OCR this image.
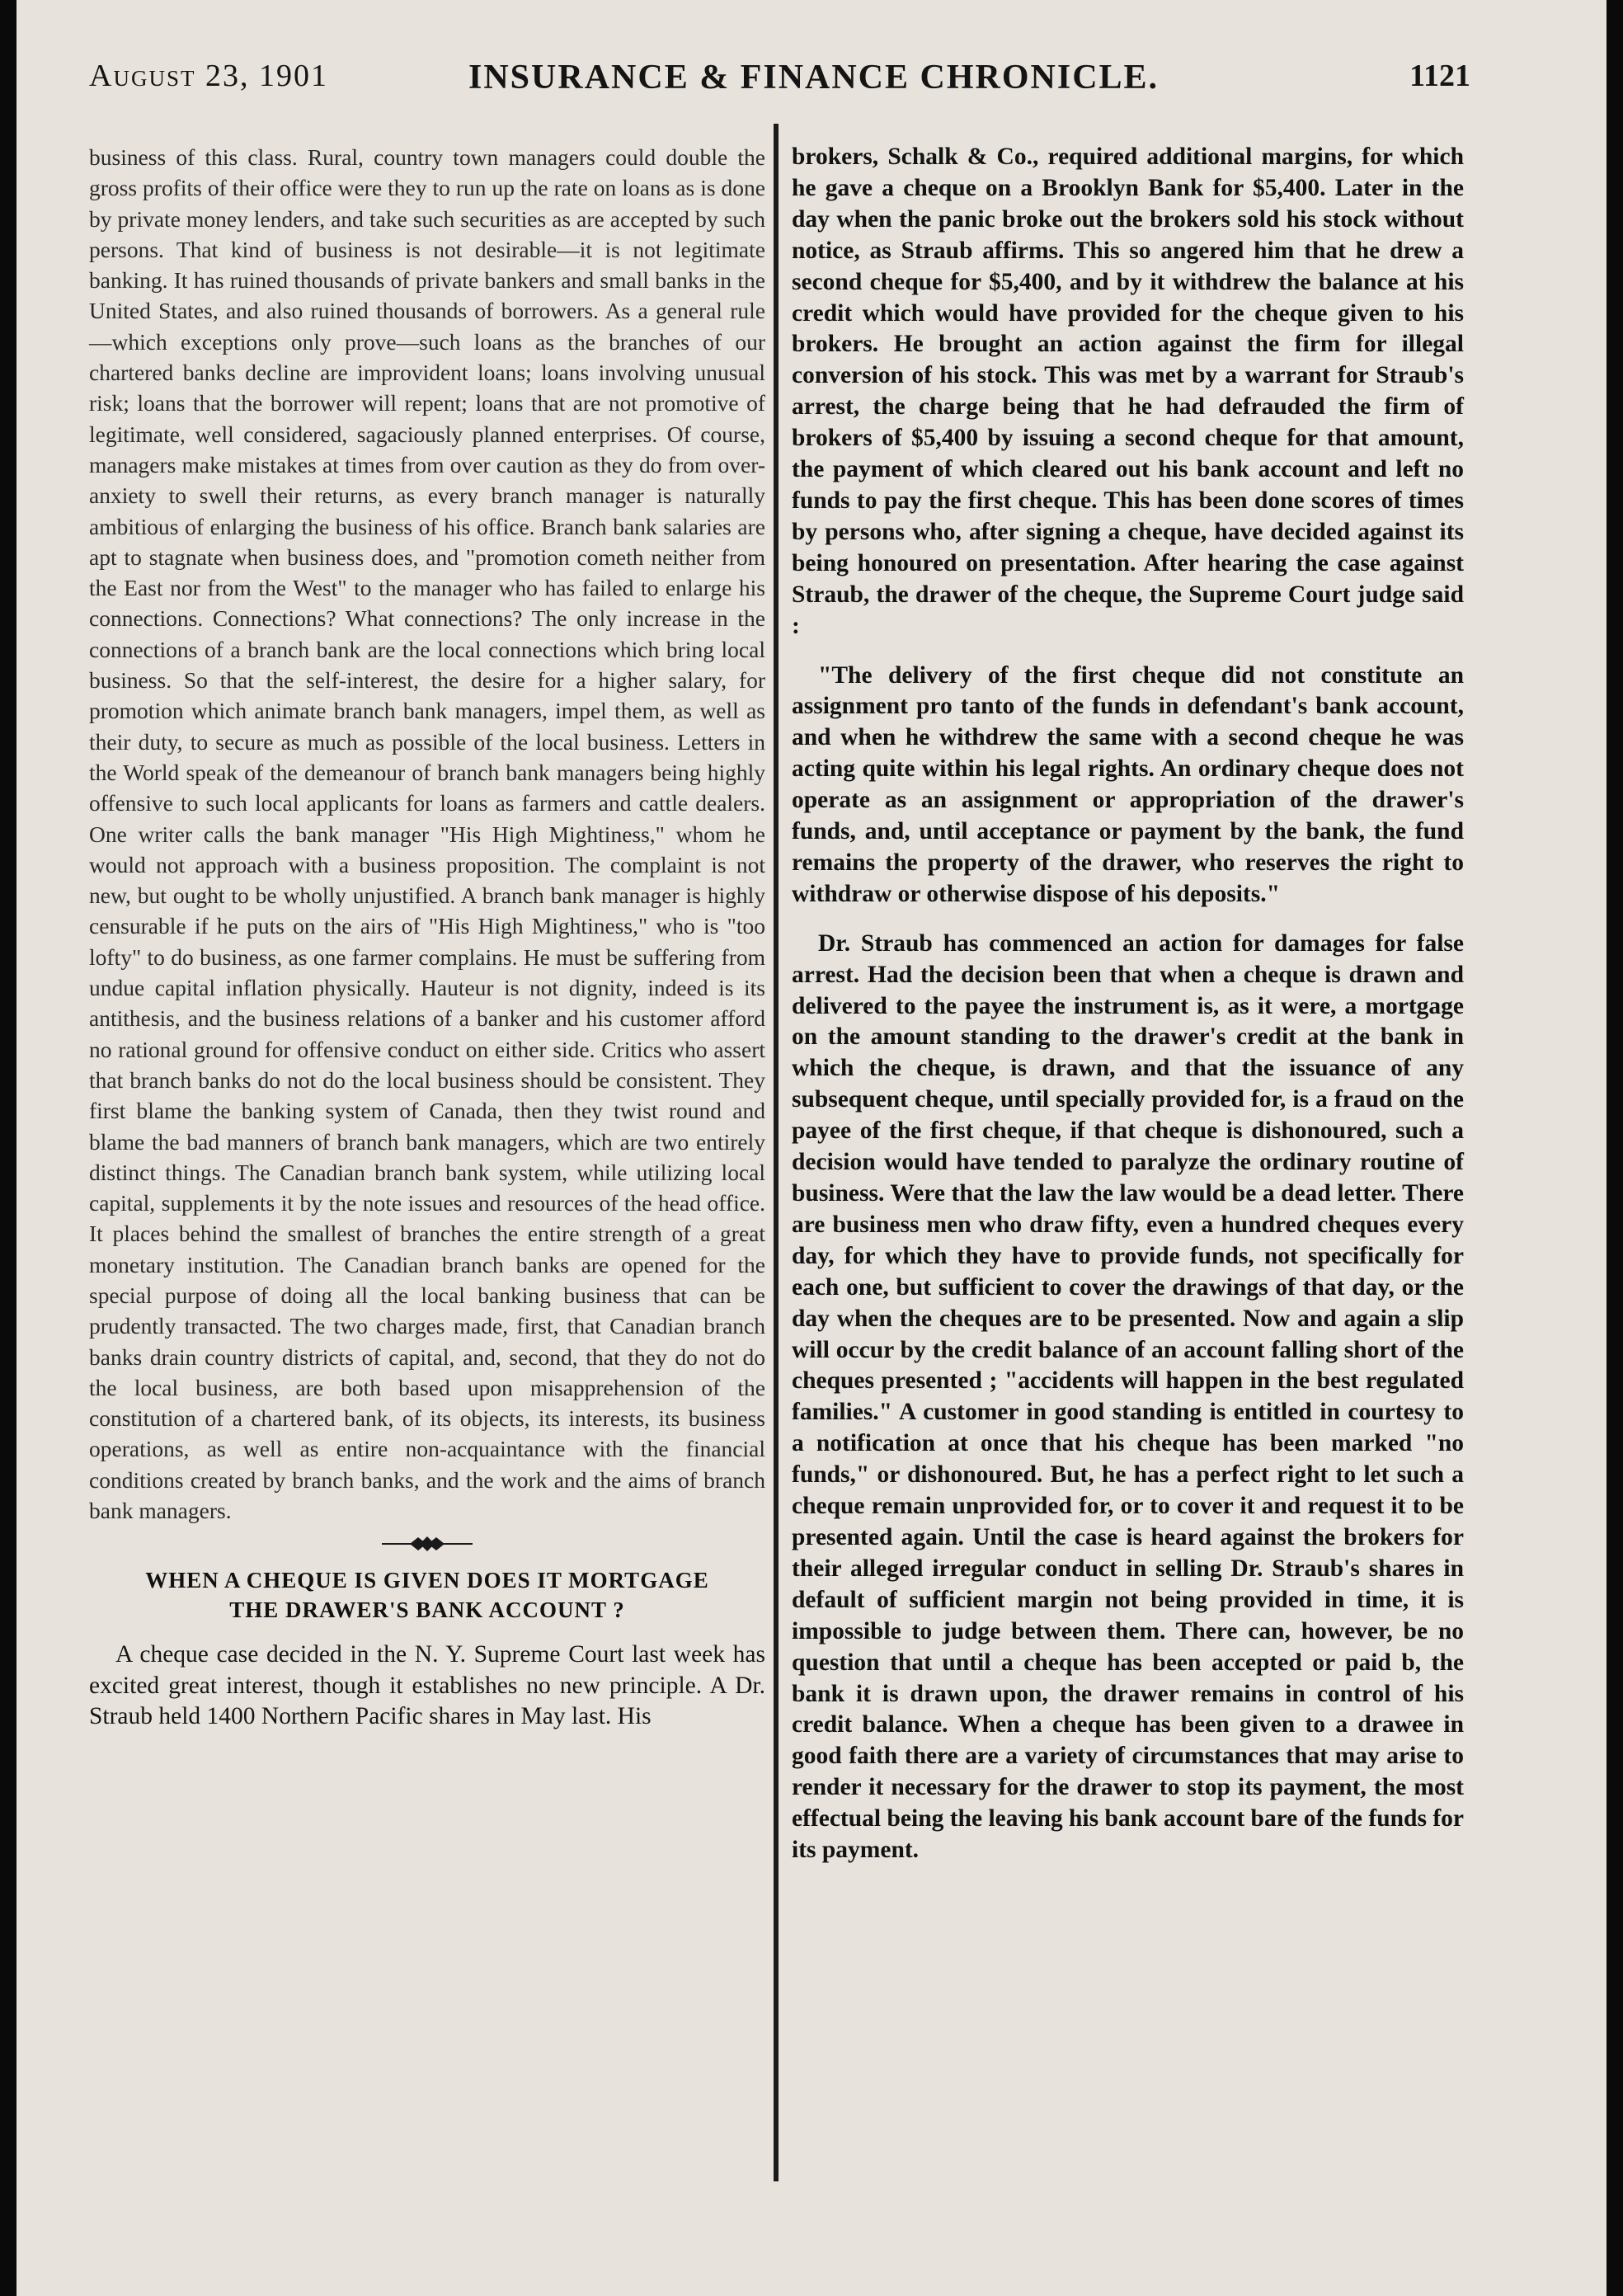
August 23, 1901	INSURANCE & FINANCE CHRONICLE.	1121

business of this class. Rural, country town managers could double the gross profits of their office were they to run up the rate on loans as is done by private money lenders, and take such securities as are accepted by such persons. That kind of business is not desirable—it is not legitimate banking. It has ruined thousands of private bankers and small banks in the United States, and also ruined thousands of borrowers. As a general rule—which exceptions only prove—such loans as the branches of our chartered banks decline are improvident loans; loans involving unusual risk; loans that the borrower will repent; loans that are not promotive of legitimate, well considered, sagaciously planned enterprises. Of course, managers make mistakes at times from over caution as they do from over-anxiety to swell their returns, as every branch manager is naturally ambitious of enlarging the business of his office. Branch bank salaries are apt to stagnate when business does, and "promotion cometh neither from the East nor from the West" to the manager who has failed to enlarge his connections. Connections? What connections? The only increase in the connections of a branch bank are the local connections which bring local business. So that the self-interest, the desire for a higher salary, for promotion which animate branch bank managers, impel them, as well as their duty, to secure as much as possible of the local business. Letters in the World speak of the demeanour of branch bank managers being highly offensive to such local applicants for loans as farmers and cattle dealers. One writer calls the bank manager "His High Mightiness," whom he would not approach with a business proposition. The complaint is not new, but ought to be wholly unjustified. A branch bank manager is highly censurable if he puts on the airs of "His High Mightiness," who is "too lofty" to do business, as one farmer complains. He must be suffering from undue capital inflation physically. Hauteur is not dignity, indeed is its antithesis, and the business relations of a banker and his customer afford no rational ground for offensive conduct on either side. Critics who assert that branch banks do not do the local business should be consistent. They first blame the banking system of Canada, then they twist round and blame the bad manners of branch bank managers, which are two entirely distinct things. The Canadian branch bank system, while utilizing local capital, supplements it by the note issues and resources of the head office. It places behind the smallest of branches the entire strength of a great monetary institution. The Canadian branch banks are opened for the special purpose of doing all the local banking business that can be prudently transacted. The two charges made, first, that Canadian branch banks drain country districts of capital, and, second, that they do not do the local business, are both based upon misapprehension of the constitution of a chartered bank, of its objects, its interests, its business operations, as well as entire non-acquaintance with the financial conditions created by branch banks, and the work and the aims of branch bank managers.

WHEN A CHEQUE IS GIVEN DOES IT MORTGAGE
THE DRAWER'S BANK ACCOUNT ?

A cheque case decided in the N. Y. Supreme Court last week has excited great interest, though it establishes no new principle. A Dr. Straub held 1400 Northern Pacific shares in May last. His

brokers, Schalk & Co., required additional margins, for which he gave a cheque on a Brooklyn Bank for $5,400. Later in the day when the panic broke out the brokers sold his stock without notice, as Straub affirms. This so angered him that he drew a second cheque for $5,400, and by it withdrew the balance at his credit which would have provided for the cheque given to his brokers. He brought an action against the firm for illegal conversion of his stock. This was met by a warrant for Straub's arrest, the charge being that he had defrauded the firm of brokers of $5,400 by issuing a second cheque for that amount, the payment of which cleared out his bank account and left no funds to pay the first cheque. This has been done scores of times by persons who, after signing a cheque, have decided against its being honoured on presentation. After hearing the case against Straub, the drawer of the cheque, the Supreme Court judge said :

"The delivery of the first cheque did not constitute an assignment pro tanto of the funds in defendant's bank account, and when he withdrew the same with a second cheque he was acting quite within his legal rights. An ordinary cheque does not operate as an assignment or appropriation of the drawer's funds, and, until acceptance or payment by the bank, the fund remains the property of the drawer, who reserves the right to withdraw or otherwise dispose of his deposits."

Dr. Straub has commenced an action for damages for false arrest. Had the decision been that when a cheque is drawn and delivered to the payee the instrument is, as it were, a mortgage on the amount standing to the drawer's credit at the bank in which the cheque, is drawn, and that the issuance of any subsequent cheque, until specially provided for, is a fraud on the payee of the first cheque, if that cheque is dishonoured, such a decision would have tended to paralyze the ordinary routine of business. Were that the law the law would be a dead letter. There are business men who draw fifty, even a hundred cheques every day, for which they have to provide funds, not specifically for each one, but sufficient to cover the drawings of that day, or the day when the cheques are to be presented. Now and again a slip will occur by the credit balance of an account falling short of the cheques presented ; "accidents will happen in the best regulated families." A customer in good standing is entitled in courtesy to a notification at once that his cheque has been marked "no funds," or dishonoured. But, he has a perfect right to let such a cheque remain unprovided for, or to cover it and request it to be presented again. Until the case is heard against the brokers for their alleged irregular conduct in selling Dr. Straub's shares in default of sufficient margin not being provided in time, it is impossible to judge between them. There can, however, be no question that until a cheque has been accepted or paid b, the bank it is drawn upon, the drawer remains in control of his credit balance. When a cheque has been given to a drawee in good faith there are a variety of circumstances that may arise to render it necessary for the drawer to stop its payment, the most effectual being the leaving his bank account bare of the funds for its payment.
